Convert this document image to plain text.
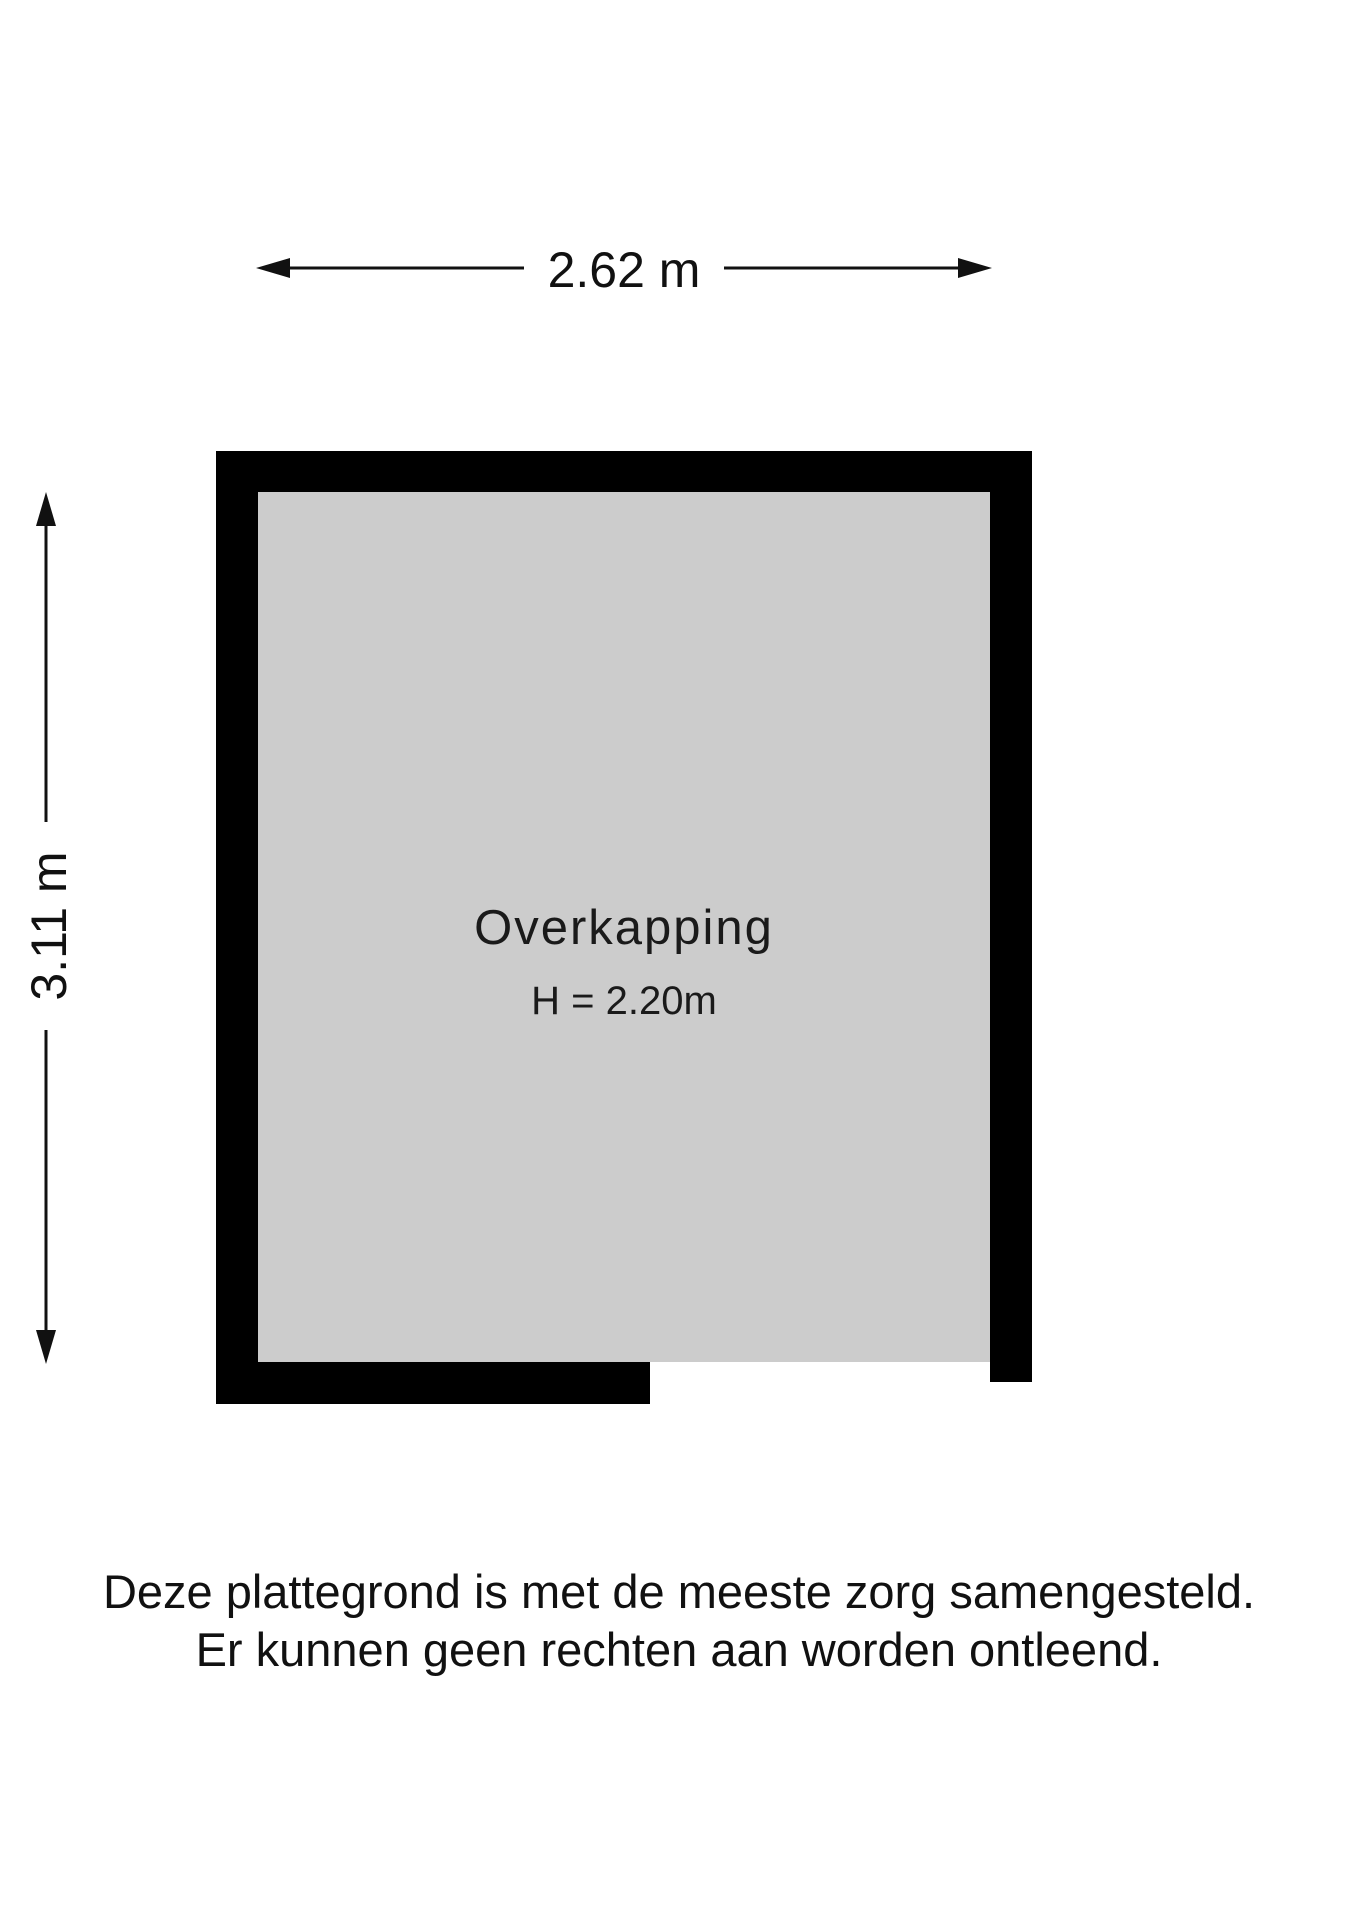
2.62 m
3.11 m	Overkapping
H = 2.20m

Deze plattegrond is met de meeste zorg samengesteld.

Er kunnen geen rechten aan worden ontleend.
